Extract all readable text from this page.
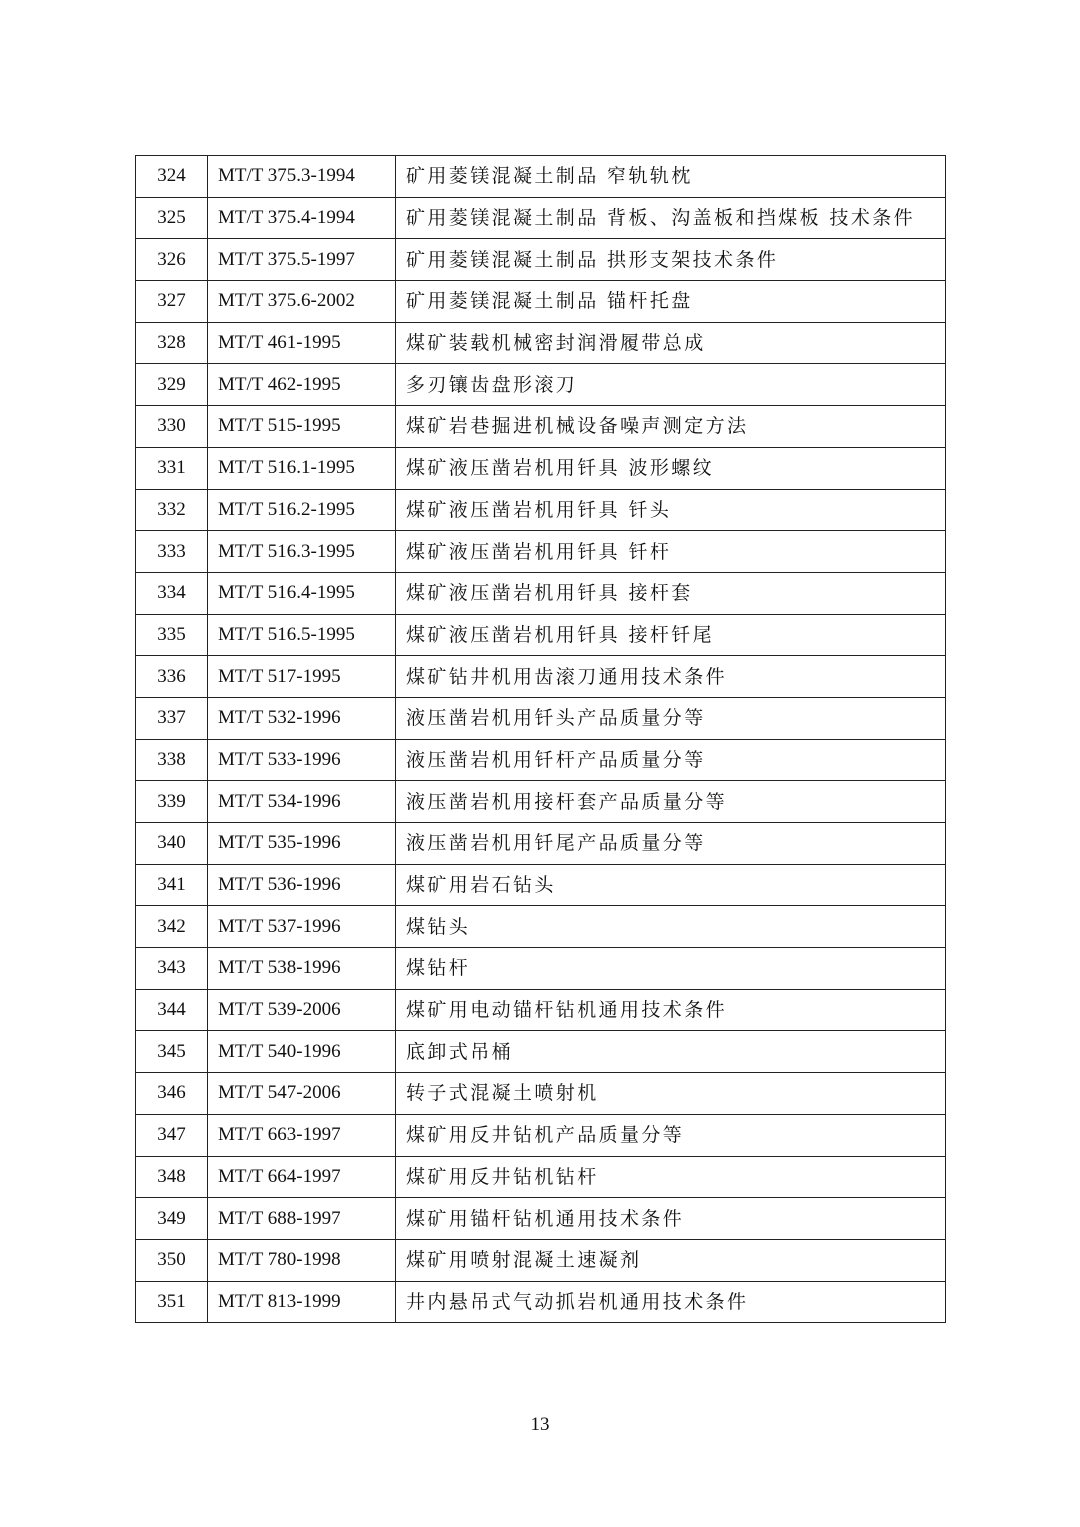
324	MT/T 375.3-1994	矿用菱镁混凝土制品 窄轨轨枕
325	MT/T 375.4-1994	矿用菱镁混凝土制品 背板、沟盖板和挡煤板 技术条件
326	MT/T 375.5-1997	矿用菱镁混凝土制品 拱形支架技术条件
327	MT/T 375.6-2002	矿用菱镁混凝土制品 锚杆托盘
328	MT/T 461-1995	煤矿装载机械密封润滑履带总成
329	MT/T 462-1995	多刃镶齿盘形滚刀
330	MT/T 515-1995	煤矿岩巷掘进机械设备噪声测定方法
331	MT/T 516.1-1995	煤矿液压凿岩机用钎具 波形螺纹
332	MT/T 516.2-1995	煤矿液压凿岩机用钎具 钎头
333	MT/T 516.3-1995	煤矿液压凿岩机用钎具 钎杆
334	MT/T 516.4-1995	煤矿液压凿岩机用钎具 接杆套
335	MT/T 516.5-1995	煤矿液压凿岩机用钎具 接杆钎尾
336	MT/T 517-1995	煤矿钻井机用齿滚刀通用技术条件
337	MT/T 532-1996	液压凿岩机用钎头产品质量分等
338	MT/T 533-1996	液压凿岩机用钎杆产品质量分等
339	MT/T 534-1996	液压凿岩机用接杆套产品质量分等
340	MT/T 535-1996	液压凿岩机用钎尾产品质量分等
341	MT/T 536-1996	煤矿用岩石钻头
342	MT/T 537-1996	煤钻头
343	MT/T 538-1996	煤钻杆
344	MT/T 539-2006	煤矿用电动锚杆钻机通用技术条件
345	MT/T 540-1996	底卸式吊桶
346	MT/T 547-2006	转子式混凝土喷射机
347	MT/T 663-1997	煤矿用反井钻机产品质量分等
348	MT/T 664-1997	煤矿用反井钻机钻杆
349	MT/T 688-1997	煤矿用锚杆钻机通用技术条件
350	MT/T 780-1998	煤矿用喷射混凝土速凝剂
351	MT/T 813-1999	井内悬吊式气动抓岩机通用技术条件
13
